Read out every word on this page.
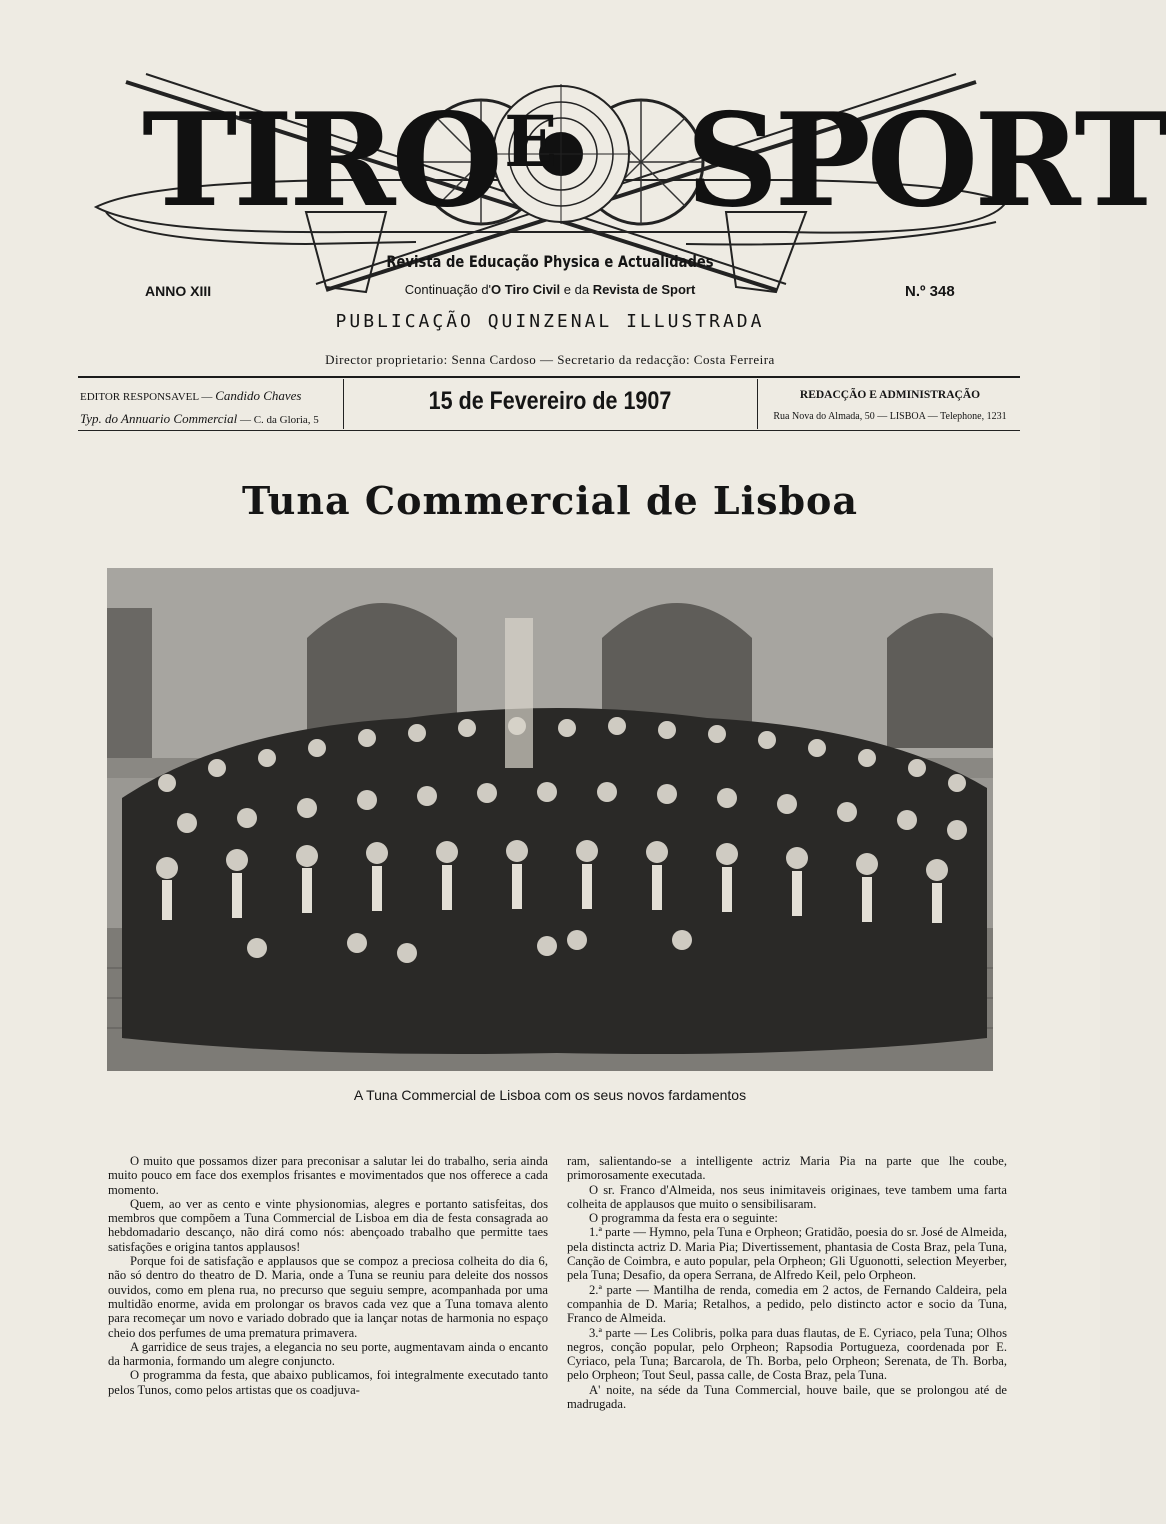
TIRO E SPORT
Revista de Educação Physica e Actualidades
Continuação d'O Tiro Civil e da Revista de Sport
ANNO XIII	N.º 348
PUBLICAÇÃO QUINZENAL ILLUSTRADA
Director proprietario: Senna Cardoso — Secretario da redacção: Costa Ferreira
EDITOR RESPONSAVEL — Candido Chaves
Typ. do Annuario Commercial — C. da Gloria, 5
15 de Fevereiro de 1907	REDACÇÃO E ADMINISTRAÇÃO
Rua Nova do Almada, 50 — LISBOA — Telephone, 1231
Tuna Commercial de Lisboa
A Tuna Commercial de Lisboa com os seus novos fardamentos

O muito que possamos dizer para preconisar a salutar lei do trabalho, seria ainda muito pouco em face dos exemplos frisantes e movimentados que nos offerece a cada momento.

Quem, ao ver as cento e vinte physionomias, alegres e portanto satisfeitas, dos membros que compõem a Tuna Commercial de Lisboa em dia de festa consagrada ao hebdomadario descanço, não dirá como nós: abençoado trabalho que permitte taes satisfações e origina tantos applausos!

Porque foi de satisfação e applausos que se compoz a preciosa colheita do dia 6, não só dentro do theatro de D. Maria, onde a Tuna se reuniu para deleite dos nossos ouvidos, como em plena rua, no precurso que seguiu sempre, acompanhada por uma multidão enorme, avida em prolongar os bravos cada vez que a Tuna tomava alento para recomeçar um novo e variado dobrado que ia lançar notas de harmonia no espaço cheio dos perfumes de uma prematura primavera.

A garridice de seus trajes, a elegancia no seu porte, augmentavam ainda o encanto da harmonia, formando um alegre conjuncto.

O programma da festa, que abaixo publicamos, foi integralmente executado tanto pelos Tunos, como pelos artistas que os coadjuva-

ram, salientando-se a intelligente actriz Maria Pia na parte que lhe coube, primorosamente executada.

O sr. Franco d'Almeida, nos seus inimitaveis originaes, teve tambem uma farta colheita de applausos que muito o sensibilisaram.

O programma da festa era o seguinte:

1.ª parte — Hymno, pela Tuna e Orpheon; Gratidão, poesia do sr. José de Almeida, pela distincta actriz D. Maria Pia; Divertissement, phantasia de Costa Braz, pela Tuna, Canção de Coimbra, e auto popular, pela Orpheon; Gli Uguonotti, selection Meyerber, pela Tuna; Desafio, da opera Serrana, de Alfredo Keil, pelo Orpheon.

2.ª parte — Mantilha de renda, comedia em 2 actos, de Fernando Caldeira, pela companhia de D. Maria; Retalhos, a pedido, pelo distincto actor e socio da Tuna, Franco de Almeida.

3.ª parte — Les Colibris, polka para duas flautas, de E. Cyriaco, pela Tuna; Olhos negros, conção popular, pelo Orpheon; Rapsodia Portugueza, coordenada por E. Cyriaco, pela Tuna; Barcarola, de Th. Borba, pelo Orpheon; Serenata, de Th. Borba, pelo Orpheon; Tout Seul, passa calle, de Costa Braz, pela Tuna.

A' noite, na séde da Tuna Commercial, houve baile, que se prolongou até de madrugada.
